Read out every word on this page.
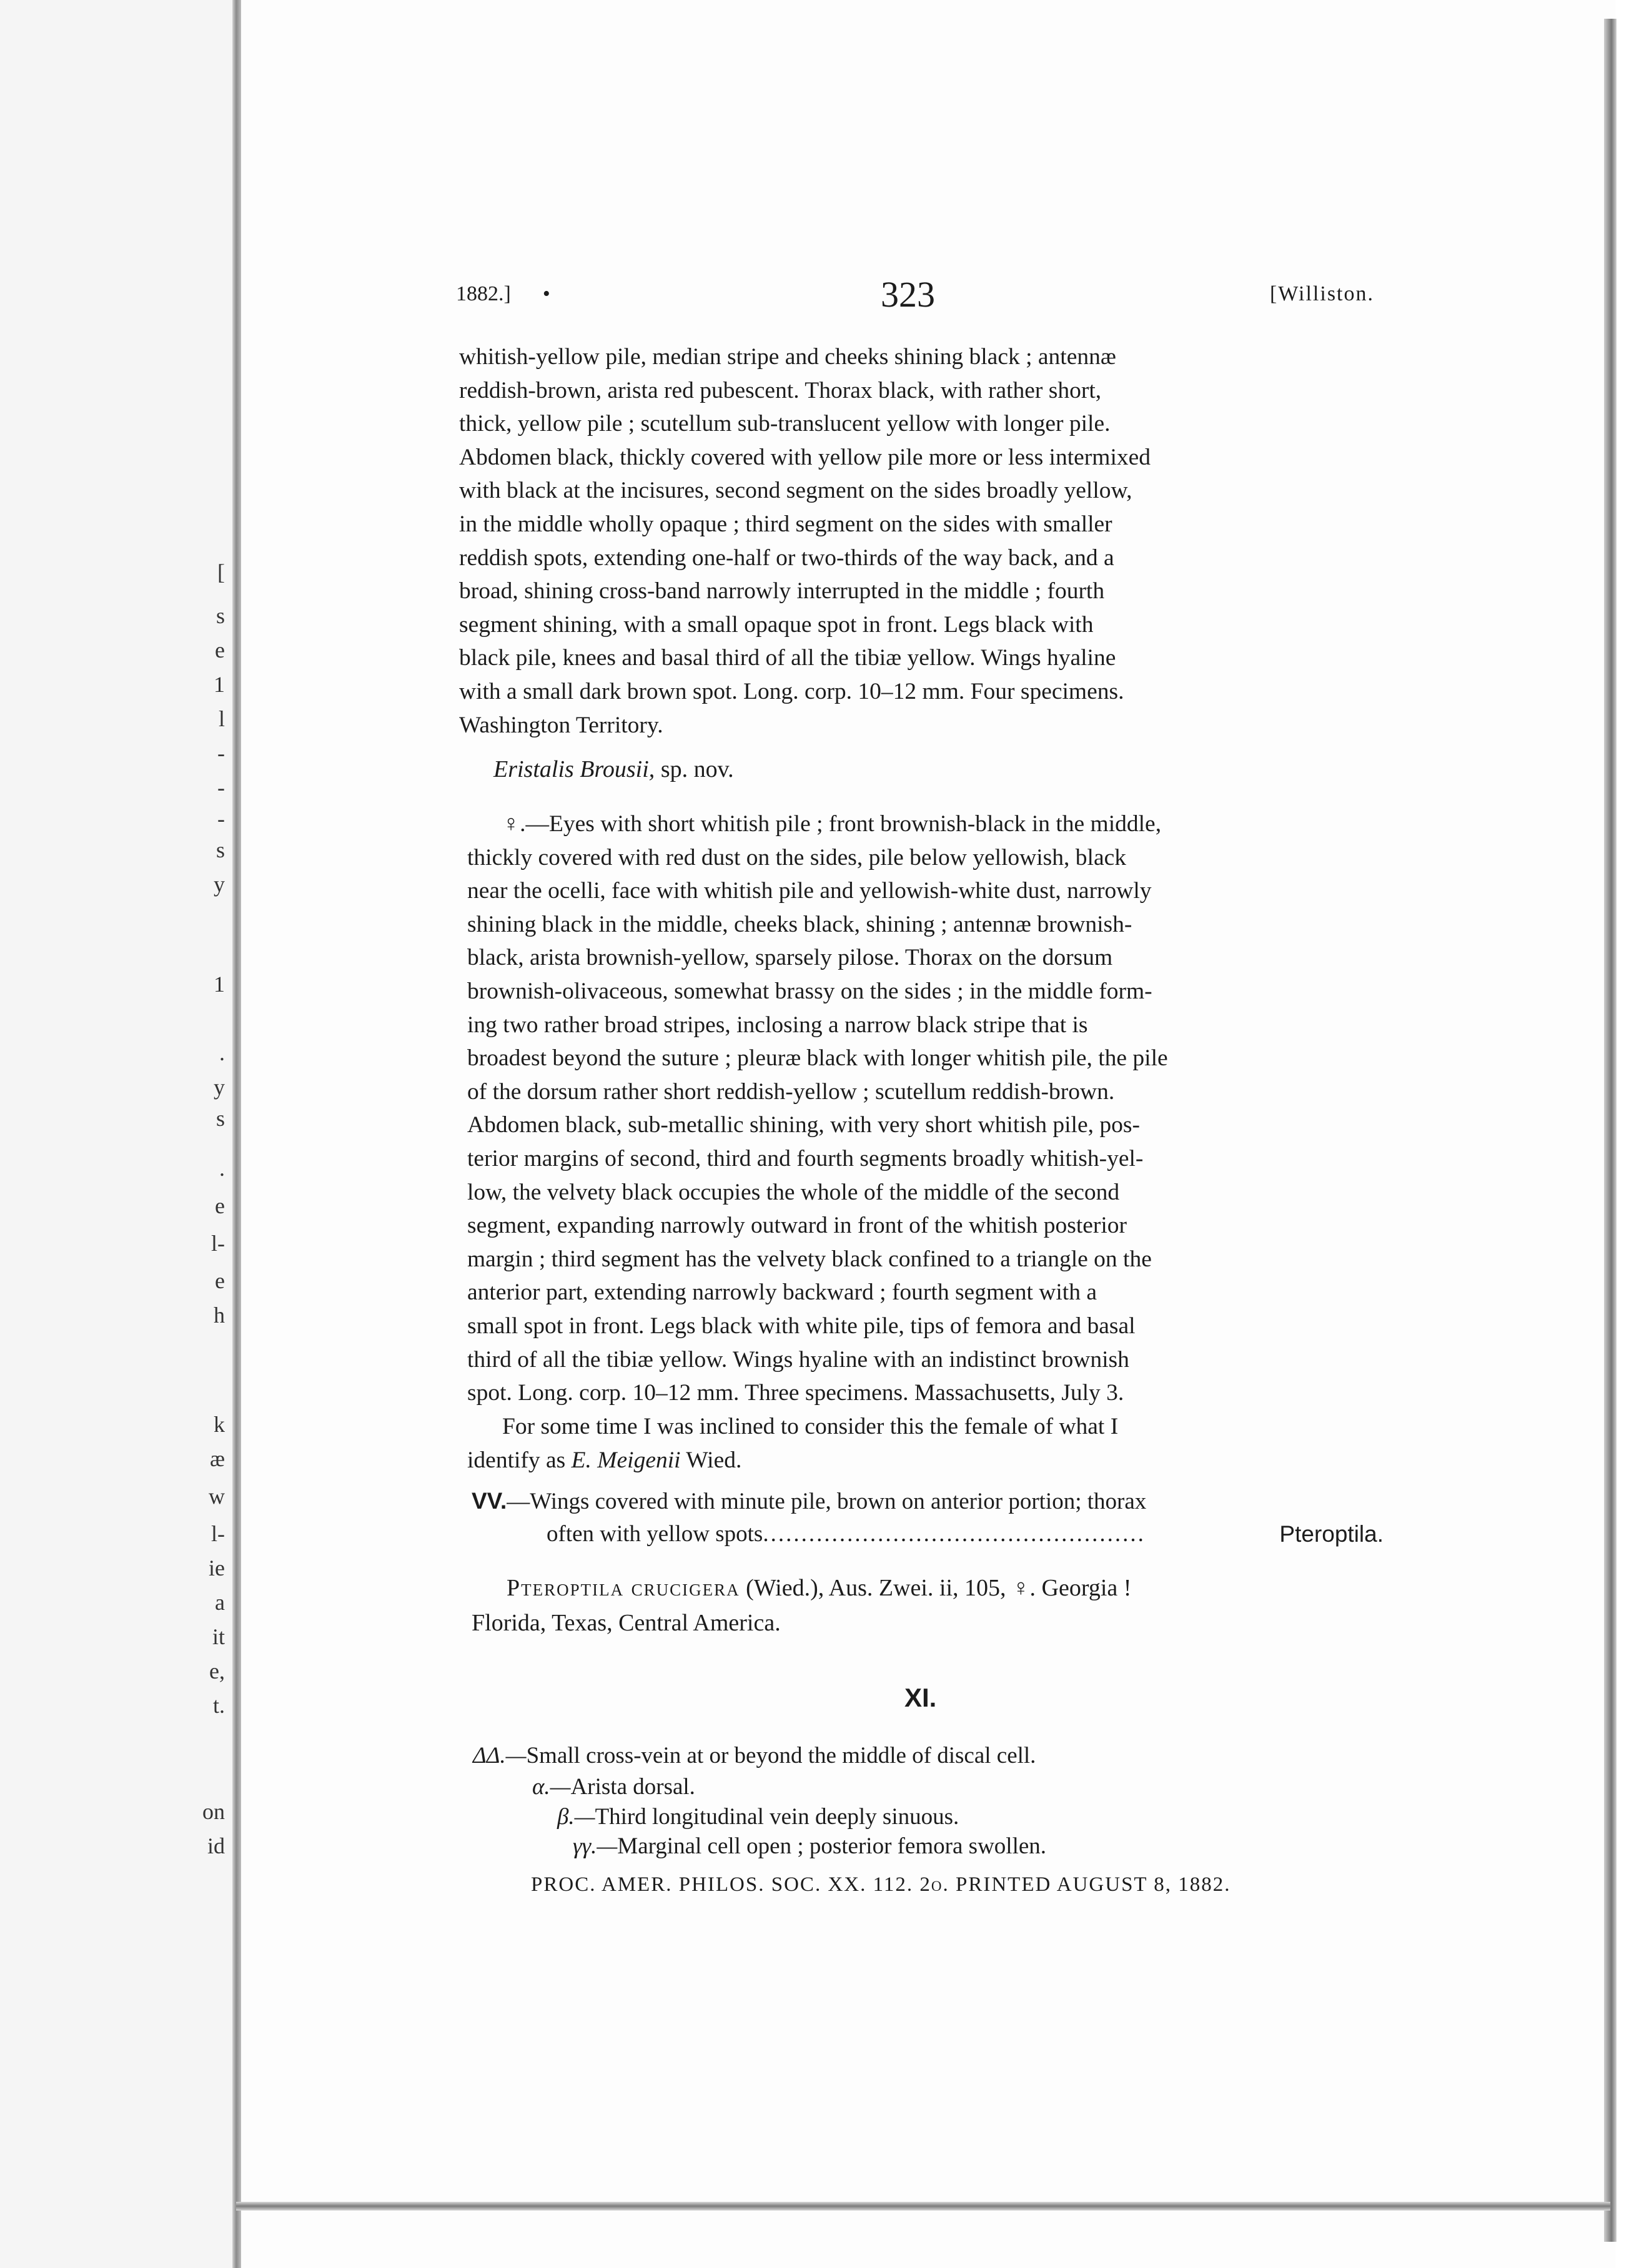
[
s
e
1
l
-
-
-
s
y
1
.
y
s
.
e
l-
e
h
k
æ
w
l-
ie
a
it
e,
t.
on
id
1882.] •	323	[Williston.

whitish-yellow pile, median stripe and cheeks shining black ; antennæ

reddish-brown, arista red pubescent. Thorax black, with rather short,

thick, yellow pile ; scutellum sub-translucent yellow with longer pile.

Abdomen black, thickly covered with yellow pile more or less intermixed

with black at the incisures, second segment on the sides broadly yellow,

in the middle wholly opaque ; third segment on the sides with smaller

reddish spots, extending one-half or two-thirds of the way back, and a

broad, shining cross-band narrowly interrupted in the middle ; fourth

segment shining, with a small opaque spot in front. Legs black with

black pile, knees and basal third of all the tibiæ yellow. Wings hyaline

with a small dark brown spot. Long. corp. 10–12 mm. Four specimens.

Washington Territory.

Eristalis Brousii, sp. nov.

♀.—Eyes with short whitish pile ; front brownish-black in the middle,

thickly covered with red dust on the sides, pile below yellowish, black

near the ocelli, face with whitish pile and yellowish-white dust, narrowly

shining black in the middle, cheeks black, shining ; antennæ brownish-

black, arista brownish-yellow, sparsely pilose. Thorax on the dorsum

brownish-olivaceous, somewhat brassy on the sides ; in the middle form-

ing two rather broad stripes, inclosing a narrow black stripe that is

broadest beyond the suture ; pleuræ black with longer whitish pile, the pile

of the dorsum rather short reddish-yellow ; scutellum reddish-brown.

Abdomen black, sub-metallic shining, with very short whitish pile, pos-

terior margins of second, third and fourth segments broadly whitish-yel-

low, the velvety black occupies the whole of the middle of the second

segment, expanding narrowly outward in front of the whitish posterior

margin ; third segment has the velvety black confined to a triangle on the

anterior part, extending narrowly backward ; fourth segment with a

small spot in front. Legs black with white pile, tips of femora and basal

third of all the tibiæ yellow. Wings hyaline with an indistinct brownish

spot. Long. corp. 10–12 mm. Three specimens. Massachusetts, July 3.

For some time I was inclined to consider this the female of what I

identify as E. Meigenii Wied.

VV.—Wings covered with minute pile, brown on anterior portion; thorax
often with yellow spots ..................................................	Pteroptila.
Pteroptila crucigera (Wied.), Aus. Zwei. ii, 105, ♀. Georgia !
Florida, Texas, Central America.
XI.
ΔΔ.—Small cross-vein at or beyond the middle of discal cell.
α.—Arista dorsal.
β.—Third longitudinal vein deeply sinuous.
γγ.—Marginal cell open ; posterior femora swollen.
PROC. AMER. PHILOS. SOC. XX. 112. 2o. PRINTED AUGUST 8, 1882.
